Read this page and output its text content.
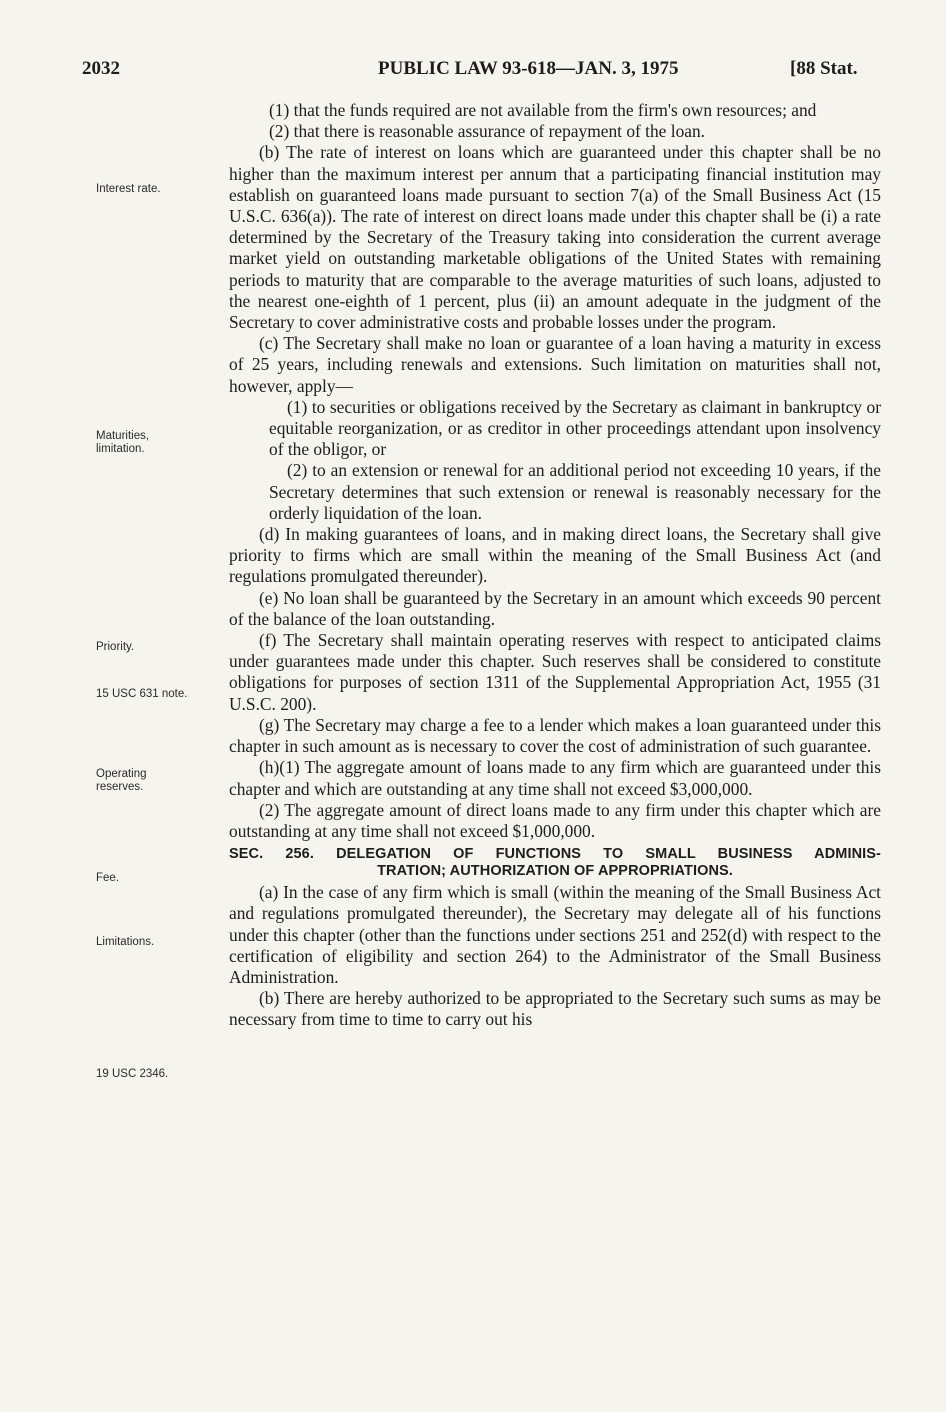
2032	PUBLIC LAW 93-618—JAN. 3, 1975	[88 Stat.
Interest rate.
Maturities, limitation.
Priority.
15 USC 631 note.
Operating reserves.
Fee.
Limitations.
19 USC 2346.

(1) that the funds required are not available from the firm's own resources; and

(2) that there is reasonable assurance of repayment of the loan.

(b) The rate of interest on loans which are guaranteed under this chapter shall be no higher than the maximum interest per annum that a participating financial institution may establish on guaranteed loans made pursuant to section 7(a) of the Small Business Act (15 U.S.C. 636(a)). The rate of interest on direct loans made under this chapter shall be (i) a rate determined by the Secretary of the Treasury taking into consideration the current average market yield on outstanding marketable obligations of the United States with remaining periods to maturity that are comparable to the average maturities of such loans, adjusted to the nearest one-eighth of 1 percent, plus (ii) an amount adequate in the judgment of the Secretary to cover administrative costs and probable losses under the program.

(c) The Secretary shall make no loan or guarantee of a loan having a maturity in excess of 25 years, including renewals and extensions. Such limitation on maturities shall not, however, apply—

(1) to securities or obligations received by the Secretary as claimant in bankruptcy or equitable reorganization, or as creditor in other proceedings attendant upon insolvency of the obligor, or

(2) to an extension or renewal for an additional period not exceeding 10 years, if the Secretary determines that such extension or renewal is reasonably necessary for the orderly liquidation of the loan.

(d) In making guarantees of loans, and in making direct loans, the Secretary shall give priority to firms which are small within the meaning of the Small Business Act (and regulations promulgated thereunder).

(e) No loan shall be guaranteed by the Secretary in an amount which exceeds 90 percent of the balance of the loan outstanding.

(f) The Secretary shall maintain operating reserves with respect to anticipated claims under guarantees made under this chapter. Such reserves shall be considered to constitute obligations for purposes of section 1311 of the Supplemental Appropriation Act, 1955 (31 U.S.C. 200).

(g) The Secretary may charge a fee to a lender which makes a loan guaranteed under this chapter in such amount as is necessary to cover the cost of administration of such guarantee.

(h)(1) The aggregate amount of loans made to any firm which are guaranteed under this chapter and which are outstanding at any time shall not exceed $3,000,000.

(2) The aggregate amount of direct loans made to any firm under this chapter which are outstanding at any time shall not exceed $1,000,000.

SEC. 256. DELEGATION OF FUNCTIONS TO SMALL BUSINESS ADMINIS-
TRATION; AUTHORIZATION OF APPROPRIATIONS.

(a) In the case of any firm which is small (within the meaning of the Small Business Act and regulations promulgated thereunder), the Secretary may delegate all of his functions under this chapter (other than the functions under sections 251 and 252(d) with respect to the certification of eligibility and section 264) to the Administrator of the Small Business Administration.

(b) There are hereby authorized to be appropriated to the Secretary such sums as may be necessary from time to time to carry out his
